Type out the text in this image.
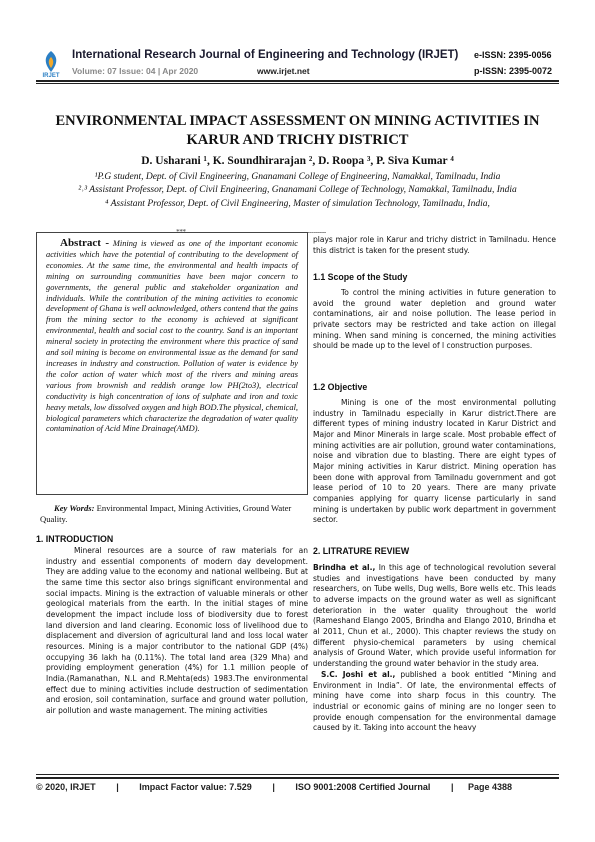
IRJET
International Research Journal of Engineering and Technology (IRJET)
Volume: 07 Issue: 04 | Apr 2020	www.irjet.net
e-ISSN: 2395-0056
p-ISSN: 2395-0072
ENVIRONMENTAL IMPACT ASSESSMENT ON MINING ACTIVITIES IN KARUR AND TRICHY DISTRICT
D. Usharani ¹, K. Soundhirarajan ², D. Roopa ³, P. Siva Kumar ⁴
¹P.G student, Dept. of Civil Engineering, Gnanamani College of Engineering, Namakkal, Tamilnadu, India
²˒³ Assistant Professor, Dept. of Civil Engineering, Gnanamani College of Technology, Namakkal, Tamilnadu, India
⁴ Assistant Professor, Dept. of Civil Engineering, Master of simulation Technology, Tamilnadu, India,
---------------------------------------------------------------------***---------------------------------------------------------------------
Abstract - Mining is viewed as one of the important economic activities which have the potential of contributing to the development of economies. At the same time, the environmental and health impacts of mining on surrounding communities have been major concern to governments, the general public and stakeholder organization and individuals. While the contribution of the mining activities to economic development of Ghana is well acknowledged, others contend that the gains from the mining sector to the economy is achieved at significant environmental, health and social cost to the country. Sand is an important mineral society in protecting the environment where this practice of sand and soil mining is become on environmental issue as the demand for sand increases in industry and construction. Pollution of water is evidence by the color action of water which most of the rivers and mining areas various from brownish and reddish orange low PH(2to3), electrical conductivity is high concentration of ions of sulphate and iron and toxic heavy metals, low dissolved oxygen and high BOD.The physical, chemical, biological parameters which characterize the degradation of water quality contamination of Acid Mine Drainage(AMD).
Key Words: Environmental Impact, Mining Activities, Ground Water Quality.
1. INTRODUCTION
Mineral resources are a source of raw materials for an industry and essential components of modern day development. They are adding value to the economy and national wellbeing. But at the same time this sector also brings significant environmental and social impacts. Mining is the extraction of valuable minerals or other geological materials from the earth. In the initial stages of mine development the impact include loss of biodiversity due to forest land diversion and land clearing. Economic loss of livelihood due to displacement and diversion of agricultural land and loss local water resources. Mining is a major contributor to the national GDP (4%) occupying 36 lakh ha (0.11%). The total land area (329 Mha) and providing employment generation (4%) for 1.1 million people of India.(Ramanathan, N.L and R.Mehta(eds) 1983.The environmental effect due to mining activities include destruction of sedimentation and erosion, soil contamination, surface and ground water pollution, air pollution and waste management. The mining activities
plays major role in Karur and trichy district in Tamilnadu. Hence this district is taken for the present study.
1.1 Scope of the Study
To control the mining activities in future generation to avoid the ground water depletion and ground water contaminations, air and noise pollution. The lease period in private sectors may be restricted and take action on illegal mining. When sand mining is concerned, the mining activities should be made up to the level of l construction purposes.
1.2 Objective
Mining is one of the most environmental polluting industry in Tamilnadu especially in Karur district.There are different types of mining industry located in Karur District and Major and Minor Minerals in large scale. Most probable effect of mining activities are air pollution, ground water contaminations, noise and vibration due to blasting. There are eight types of Major mining activities in Karur district. Mining operation has been done with approval from Tamilnadu government and got lease period of 10 to 20 years. There are many private companies applying for quarry license particularly in sand mining is undertaken by public work department in government sector.
2. LITRATURE REVIEW
Brindha et al., In this age of technological revolution several studies and investigations have been conducted by many researchers, on Tube wells, Dug wells, Bore wells etc. This leads to adverse impacts on the ground water as well as significant deterioration in the water quality throughout the world (Rameshand Elango 2005, Brindha and Elango 2010, Brindha et al 2011, Chun et al., 2000). This chapter reviews the study on different physio-chemical parameters by using chemical analysis of Ground Water, which provide useful information for understanding the ground water behavior in the study area.
S.C. Joshi et al., published a book entitled “Mining and Environment in India”. Of late, the environmental effects of mining have come into sharp focus in this country. The industrial or economic gains of mining are no longer seen to provide enough compensation for the environmental damage caused by it. Taking into account the heavy
© 2020, IRJET | Impact Factor value: 7.529 | ISO 9001:2008 Certified Journal | Page 4388
